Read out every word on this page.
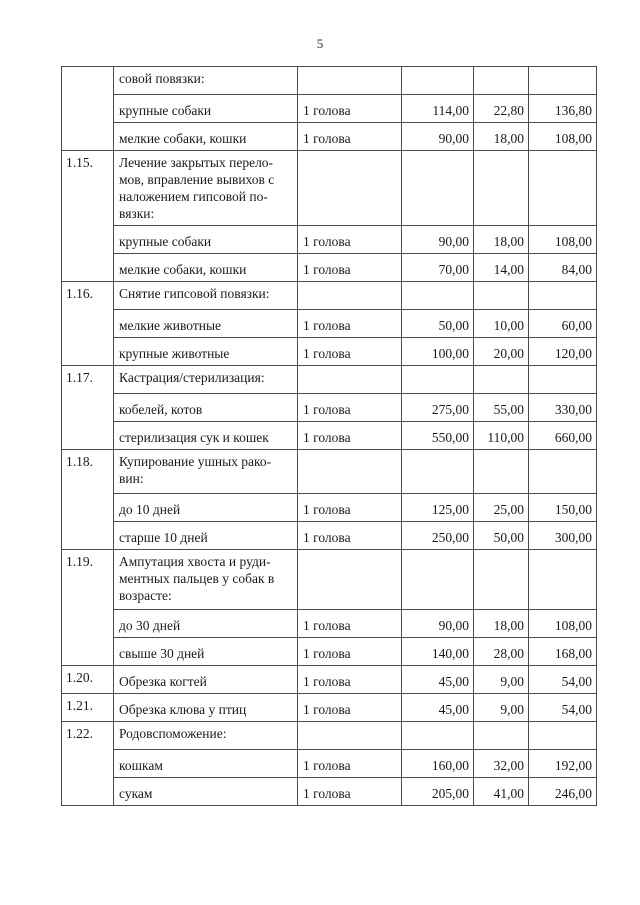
5
	совой повязки:				
	крупные собаки	1 голова	114,00	22,80	136,80
	мелкие собаки, кошки	1 голова	90,00	18,00	108,00
1.15.	Лечение закрытых перело-мов, вправление вывихов с наложением гипсовой по-вязки:				
	крупные собаки	1 голова	90,00	18,00	108,00
	мелкие собаки, кошки	1 голова	70,00	14,00	84,00
1.16.	Снятие гипсовой повязки:				
	мелкие животные	1 голова	50,00	10,00	60,00
	крупные животные	1 голова	100,00	20,00	120,00
1.17.	Кастрация/стерилизация:				
	кобелей, котов	1 голова	275,00	55,00	330,00
	стерилизация сук и кошек	1 голова	550,00	110,00	660,00
1.18.	Купирование ушных рако-вин:				
	до 10 дней	1 голова	125,00	25,00	150,00
	старше 10 дней	1 голова	250,00	50,00	300,00
1.19.	Ампутация хвоста и руди-ментных пальцев у собак в возрасте:				
	до 30 дней	1 голова	90,00	18,00	108,00
	свыше 30 дней	1 голова	140,00	28,00	168,00
1.20.	Обрезка когтей	1 голова	45,00	9,00	54,00
1.21.	Обрезка клюва у птиц	1 голова	45,00	9,00	54,00
1.22.	Родовспоможение:				
	кошкам	1 голова	160,00	32,00	192,00
	сукам	1 голова	205,00	41,00	246,00
